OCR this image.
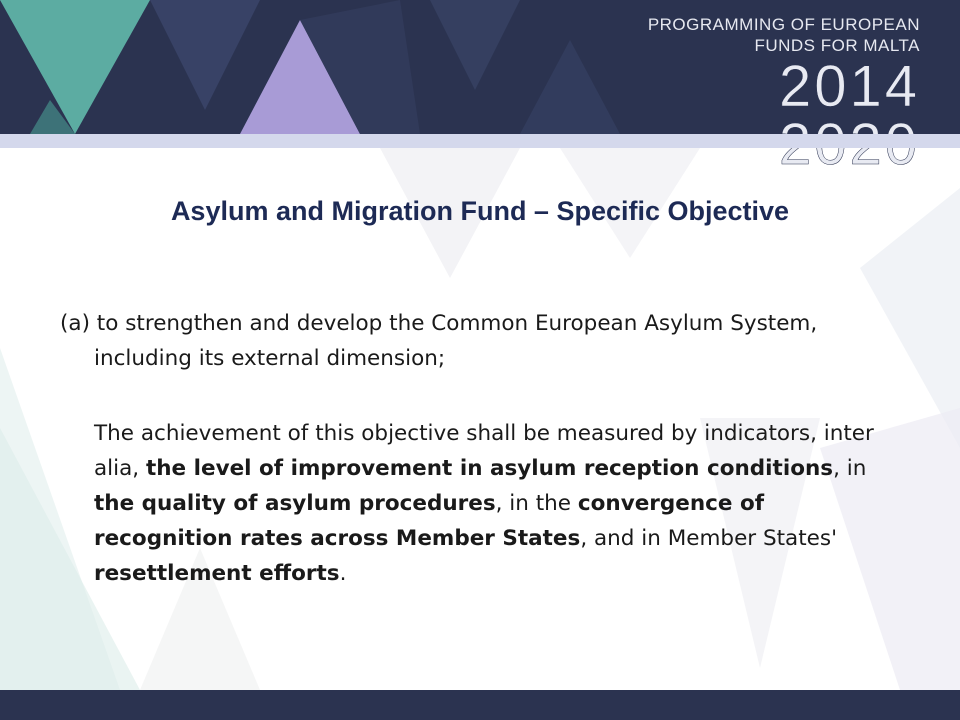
PROGRAMMING OF EUROPEAN
FUNDS FOR MALTA
2014
Asylum and Migration Fund – Specific Objective

(a) to strengthen and develop the Common European Asylum System, including its external dimension;

The achievement of this objective shall be measured by indicators, inter alia, the level of improvement in asylum reception conditions, in the quality of asylum procedures, in the convergence of recognition rates across Member States, and in Member States' resettlement efforts.
